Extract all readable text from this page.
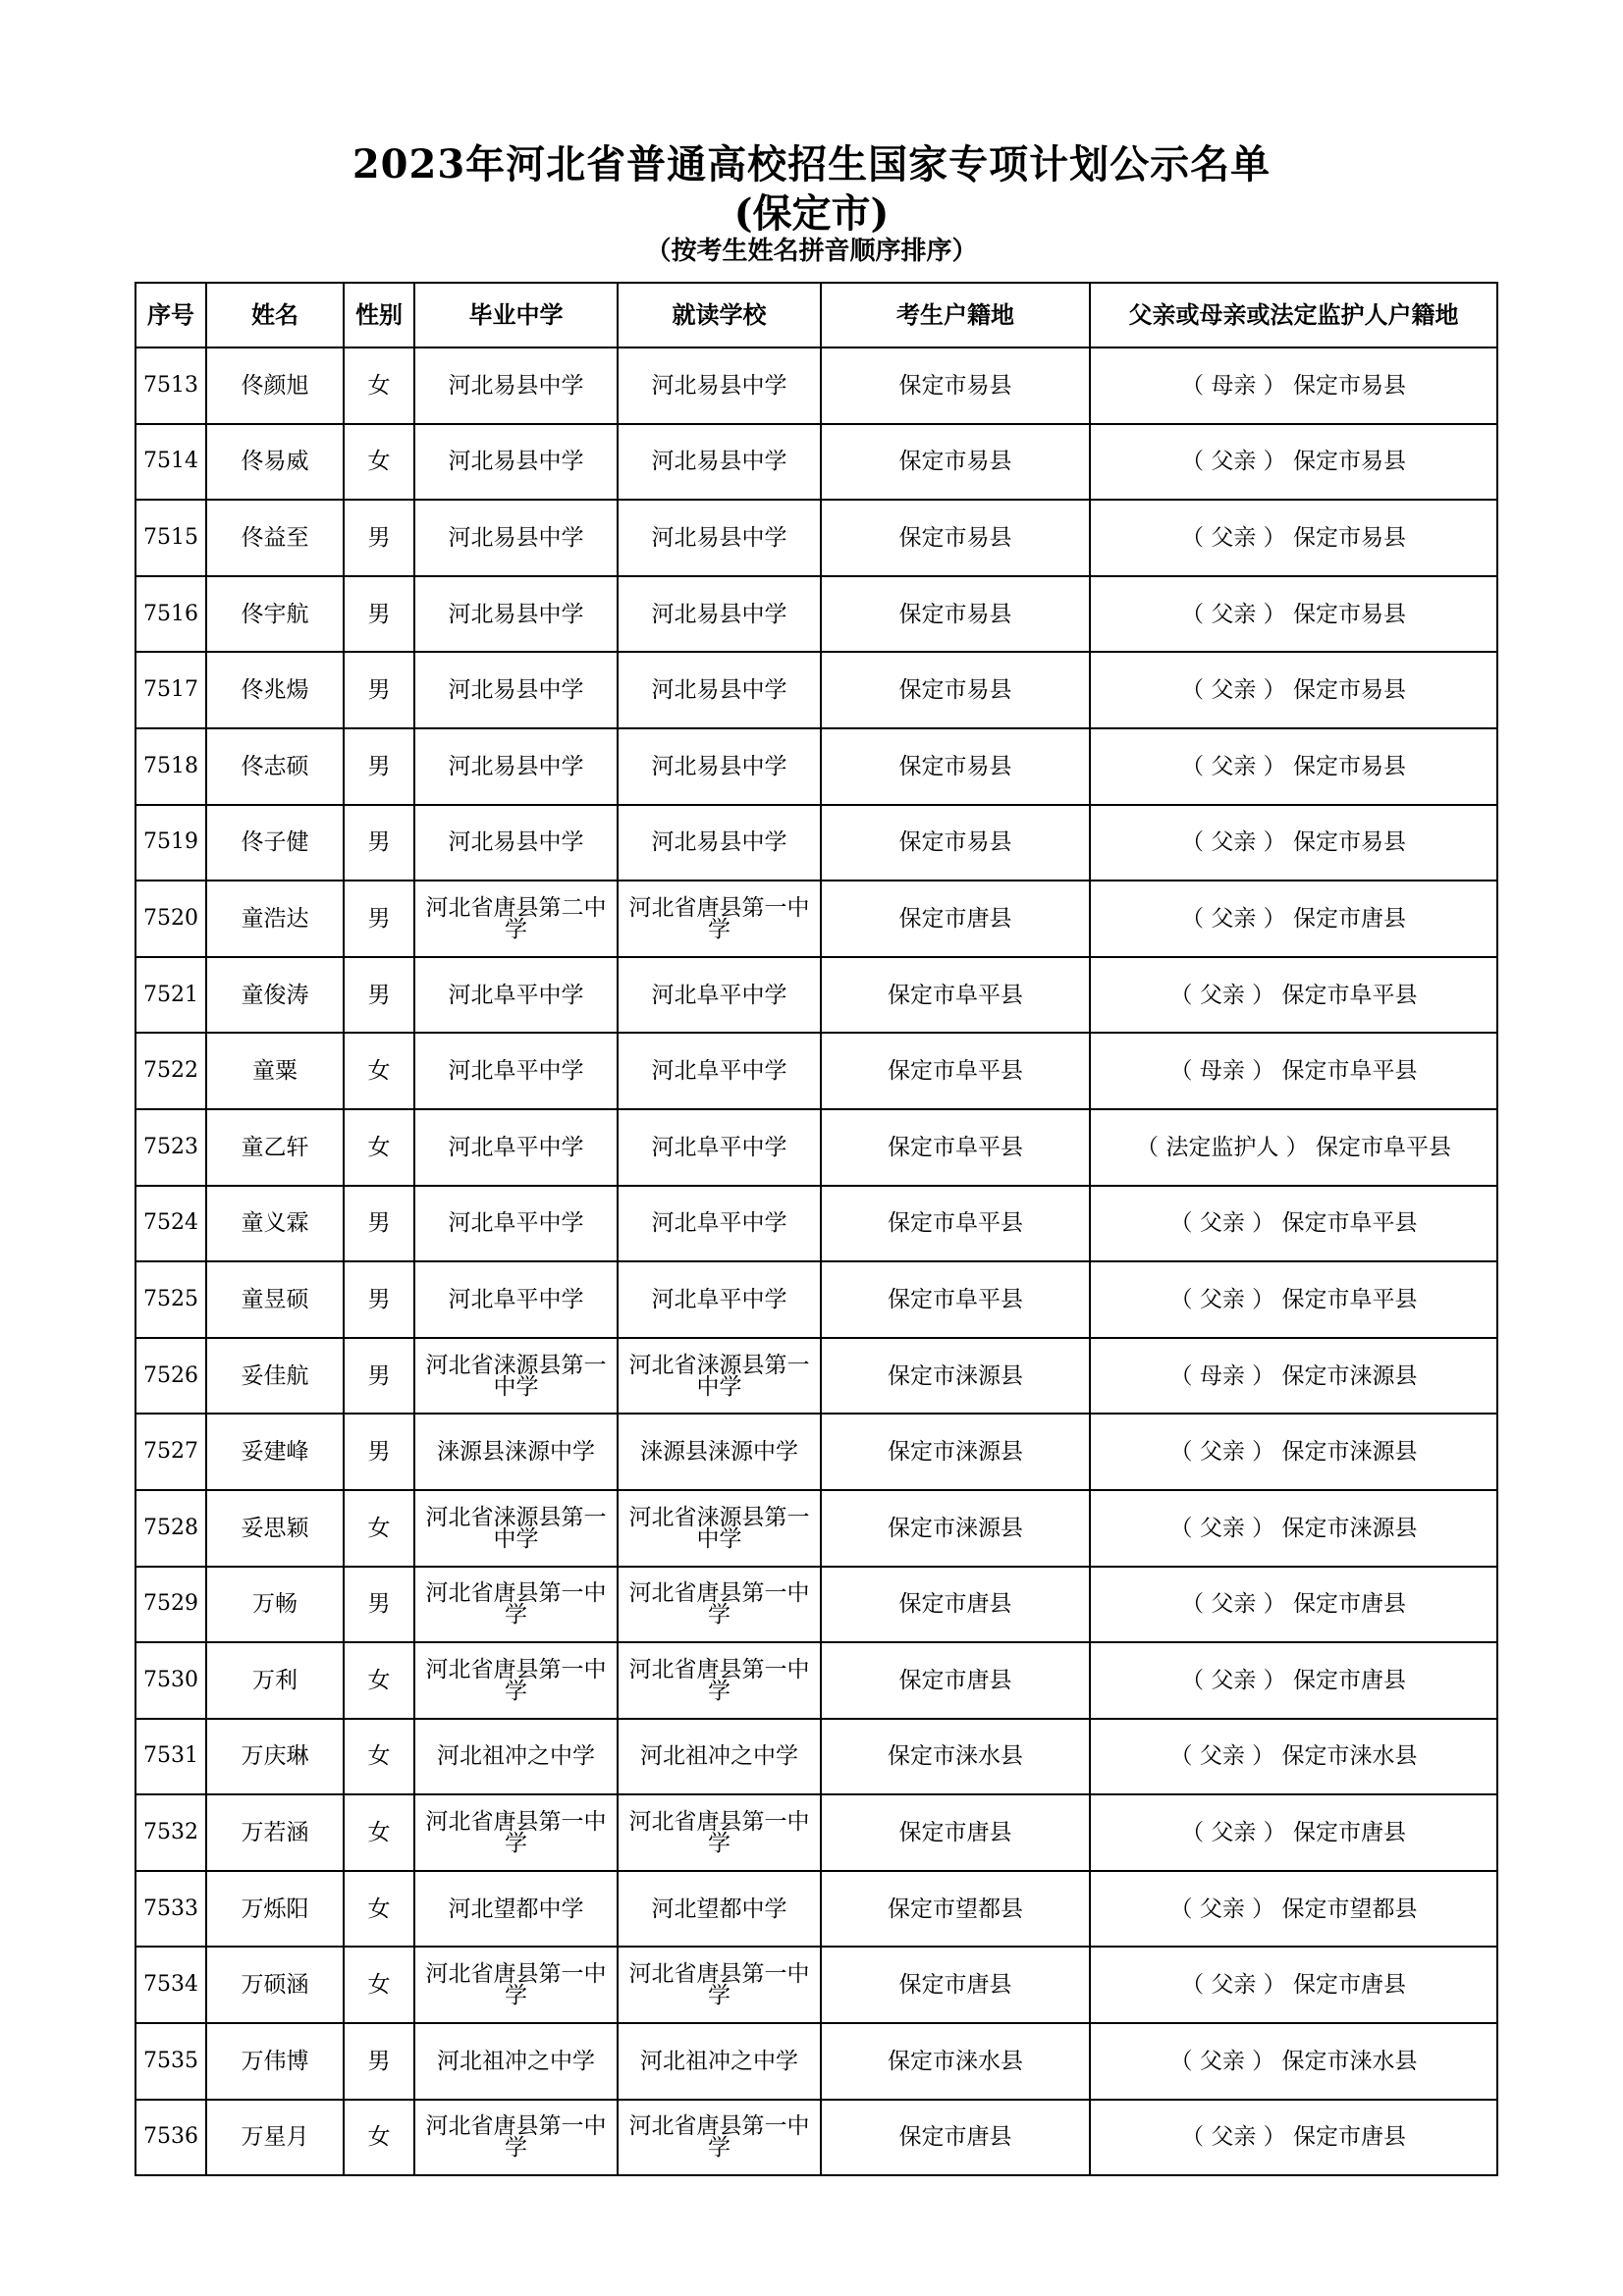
2023年河北省普通高校招生国家专项计划公示名单
(保定市)
（按考生姓名拼音顺序排序）
序号	姓名	性别	毕业中学	就读学校	考生户籍地	父亲或母亲或法定监护人户籍地
7513	佟颜旭	女	河北易县中学	河北易县中学	保定市易县	（ 母亲 ） 保定市易县
7514	佟易威	女	河北易县中学	河北易县中学	保定市易县	（ 父亲 ） 保定市易县
7515	佟益至	男	河北易县中学	河北易县中学	保定市易县	（ 父亲 ） 保定市易县
7516	佟宇航	男	河北易县中学	河北易县中学	保定市易县	（ 父亲 ） 保定市易县
7517	佟兆煬	男	河北易县中学	河北易县中学	保定市易县	（ 父亲 ） 保定市易县
7518	佟志硕	男	河北易县中学	河北易县中学	保定市易县	（ 父亲 ） 保定市易县
7519	佟子健	男	河北易县中学	河北易县中学	保定市易县	（ 父亲 ） 保定市易县
7520	童浩达	男	河北省唐县第二中学	河北省唐县第一中学	保定市唐县	（ 父亲 ） 保定市唐县
7521	童俊涛	男	河北阜平中学	河北阜平中学	保定市阜平县	（ 父亲 ） 保定市阜平县
7522	童粟	女	河北阜平中学	河北阜平中学	保定市阜平县	（ 母亲 ） 保定市阜平县
7523	童乙轩	女	河北阜平中学	河北阜平中学	保定市阜平县	（ 法定监护人 ） 保定市阜平县
7524	童义霖	男	河北阜平中学	河北阜平中学	保定市阜平县	（ 父亲 ） 保定市阜平县
7525	童昱硕	男	河北阜平中学	河北阜平中学	保定市阜平县	（ 父亲 ） 保定市阜平县
7526	妥佳航	男	河北省涞源县第一中学	河北省涞源县第一中学	保定市涞源县	（ 母亲 ） 保定市涞源县
7527	妥建峰	男	涞源县涞源中学	涞源县涞源中学	保定市涞源县	（ 父亲 ） 保定市涞源县
7528	妥思颖	女	河北省涞源县第一中学	河北省涞源县第一中学	保定市涞源县	（ 父亲 ） 保定市涞源县
7529	万畅	男	河北省唐县第一中学	河北省唐县第一中学	保定市唐县	（ 父亲 ） 保定市唐县
7530	万利	女	河北省唐县第一中学	河北省唐县第一中学	保定市唐县	（ 父亲 ） 保定市唐县
7531	万庆琳	女	河北祖冲之中学	河北祖冲之中学	保定市涞水县	（ 父亲 ） 保定市涞水县
7532	万若涵	女	河北省唐县第一中学	河北省唐县第一中学	保定市唐县	（ 父亲 ） 保定市唐县
7533	万烁阳	女	河北望都中学	河北望都中学	保定市望都县	（ 父亲 ） 保定市望都县
7534	万硕涵	女	河北省唐县第一中学	河北省唐县第一中学	保定市唐县	（ 父亲 ） 保定市唐县
7535	万伟博	男	河北祖冲之中学	河北祖冲之中学	保定市涞水县	（ 父亲 ） 保定市涞水县
7536	万星月	女	河北省唐县第一中学	河北省唐县第一中学	保定市唐县	（ 父亲 ） 保定市唐县
